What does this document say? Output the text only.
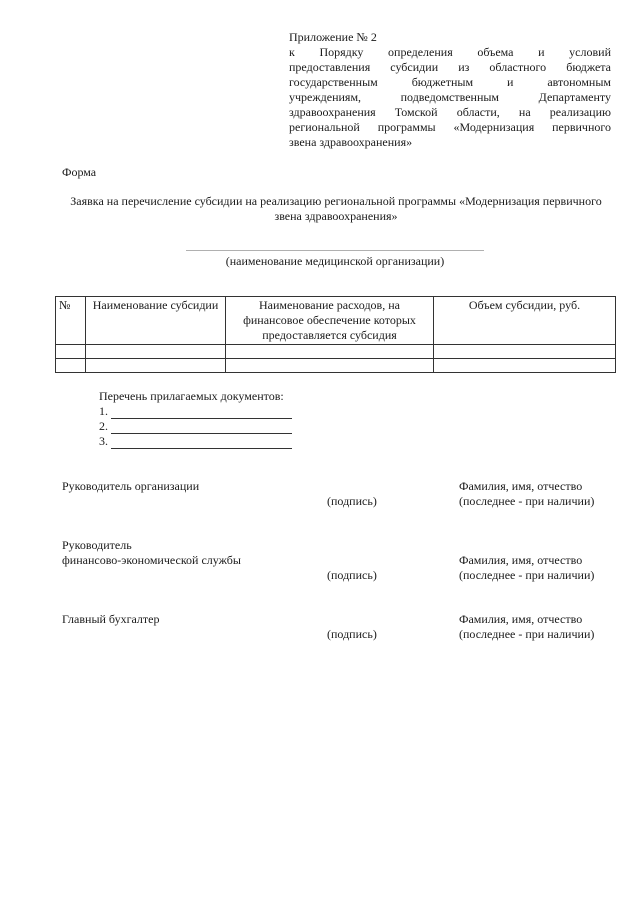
Приложение № 2
к Порядку определения объема и условий
предоставления субсидии из областного бюджета
государственным бюджетным и автономным
учреждениям, подведомственным Департаменту
здравоохранения Томской области, на реализацию
региональной программы «Модернизация первичного
звена здравоохранения»
Форма
Заявка на перечисление субсидии на реализацию региональной программы «Модернизация первичного звена здравоохранения»
(наименование медицинской организации)
№	Наименование субсидии	Наименование расходов, на финансовое обеспечение которых предоставляется субсидия	Объем субсидии, руб.

Перечень прилагаемых документов:
1.
2.
3.
Руководитель организации
(подпись)
Фамилия, имя, отчество
(последнее - при наличии)
Руководитель
финансово-экономической службы
(подпись)
Фамилия, имя, отчество
(последнее - при наличии)
Главный бухгалтер
(подпись)
Фамилия, имя, отчество
(последнее - при наличии)
